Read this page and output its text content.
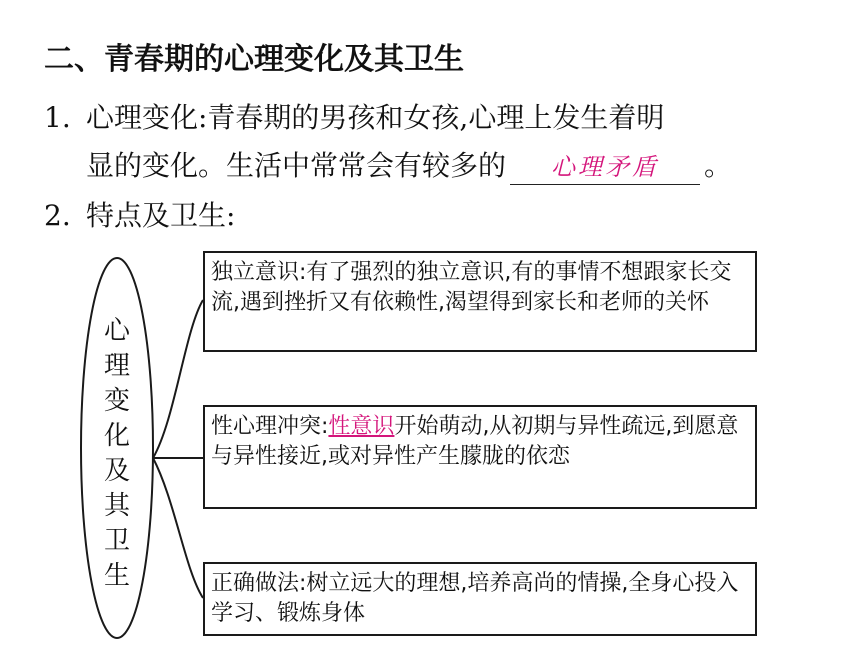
二、青春期的心理变化及其卫生
1. 心理变化:青春期的男孩和女孩,心理上发生着明
显的变化。生活中常常会有较多的 心理矛盾 。
2. 特点及卫生:
心理变化及其卫生
独立意识:有了强烈的独立意识,有的事情不想跟家长交流,遇到挫折又有依赖性,渴望得到家长和老师的关怀
性心理冲突:性意识开始萌动,从初期与异性疏远,到愿意与异性接近,或对异性产生朦胧的依恋
正确做法:树立远大的理想,培养高尚的情操,全身心投入学习、锻炼身体
